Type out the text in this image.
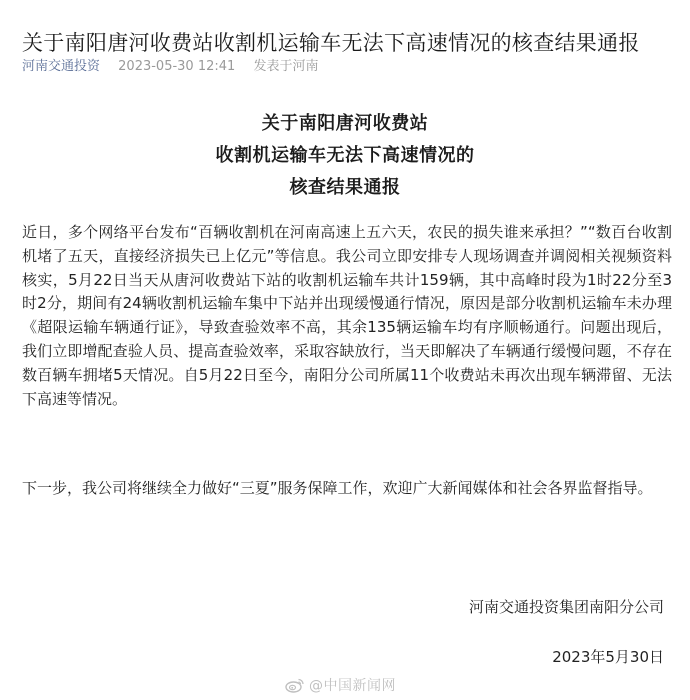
关于南阳唐河收费站收割机运输车无法下高速情况的核查结果通报
河南交通投资 2023-05-30 12:41 发表于河南
关于南阳唐河收费站
收割机运输车无法下高速情况的
核查结果通报

近日，多个网络平台发布“百辆收割机在河南高速上五六天，农民的损失谁来承担？”“数百台收割机堵了五天，直接经济损失已上亿元”等信息。我公司立即安排专人现场调查并调阅相关视频资料核实，5月22日当天从唐河收费站下站的收割机运输车共计159辆，其中高峰时段为1时22分至3时2分，期间有24辆收割机运输车集中下站并出现缓慢通行情况，原因是部分收割机运输车未办理《超限运输车辆通行证》，导致查验效率不高，其余135辆运输车均有序顺畅通行。问题出现后，我们立即增配查验人员、提高查验效率，采取容缺放行，当天即解决了车辆通行缓慢问题，不存在数百辆车拥堵5天情况。自5月22日至今，南阳分公司所属11个收费站未再次出现车辆滞留、无法下高速等情况。

下一步，我公司将继续全力做好“三夏”服务保障工作，欢迎广大新闻媒体和社会各界监督指导。

河南交通投资集团南阳分公司
2023年5月30日
@中国新闻网
